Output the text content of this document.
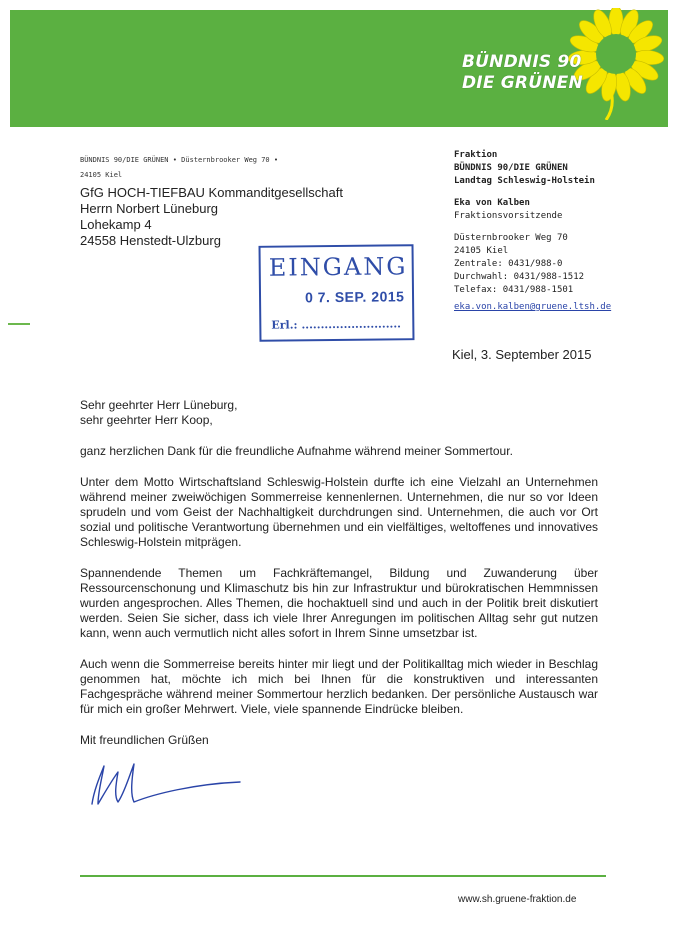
BÜNDNIS 90
DIE GRÜNEN
BÜNDNIS 90/DIE GRÜNEN • Düsternbrooker Weg 70 •
24105 Kiel
GfG HOCH-TIEFBAU Kommanditgesellschaft
Herrn Norbert Lüneburg
Lohekamp 4
24558 Henstedt-Ulzburg
Fraktion
BÜNDNIS 90/DIE GRÜNEN
Landtag Schleswig-Holstein
Eka von Kalben
Fraktionsvorsitzende
Düsternbrooker Weg 70
24105 Kiel
Zentrale: 0431/988-0
Durchwahl: 0431/988-1512
Telefax: 0431/988-1501
eka.von.kalben@gruene.ltsh.de
EINGANG
0 7. SEP. 2015
Erl.: ..........................
Kiel, 3. September 2015

Sehr geehrter Herr Lüneburg,

sehr geehrter Herr Koop,

ganz herzlichen Dank für die freundliche Aufnahme während meiner Sommertour.

Unter dem Motto Wirtschaftsland Schleswig-Holstein durfte ich eine Vielzahl an Unternehmen während meiner zweiwöchigen Sommerreise kennenlernen. Unternehmen, die nur so vor Ideen sprudeln und vom Geist der Nachhaltigkeit durchdrungen sind. Unternehmen, die auch vor Ort sozial und politische Verantwortung übernehmen und ein vielfältiges, weltoffenes und innovatives Schleswig-Holstein mitprägen.

Spannendende Themen um Fachkräftemangel, Bildung und Zuwanderung über Ressourcenschonung und Klimaschutz bis hin zur Infrastruktur und bürokratischen Hemmnissen wurden angesprochen. Alles Themen, die hochaktuell sind und auch in der Politik breit diskutiert werden. Seien Sie sicher, dass ich viele Ihrer Anregungen im politischen Alltag sehr gut nutzen kann, wenn auch vermutlich nicht alles sofort in Ihrem Sinne umsetzbar ist.

Auch wenn die Sommerreise bereits hinter mir liegt und der Politikalltag mich wieder in Beschlag genommen hat, möchte ich mich bei Ihnen für die konstruktiven und interessanten Fachgespräche während meiner Sommertour herzlich bedanken. Der persönliche Austausch war für mich ein großer Mehrwert. Viele, viele spannende Eindrücke bleiben.

Mit freundlichen Grüßen

www.sh.gruene-fraktion.de
